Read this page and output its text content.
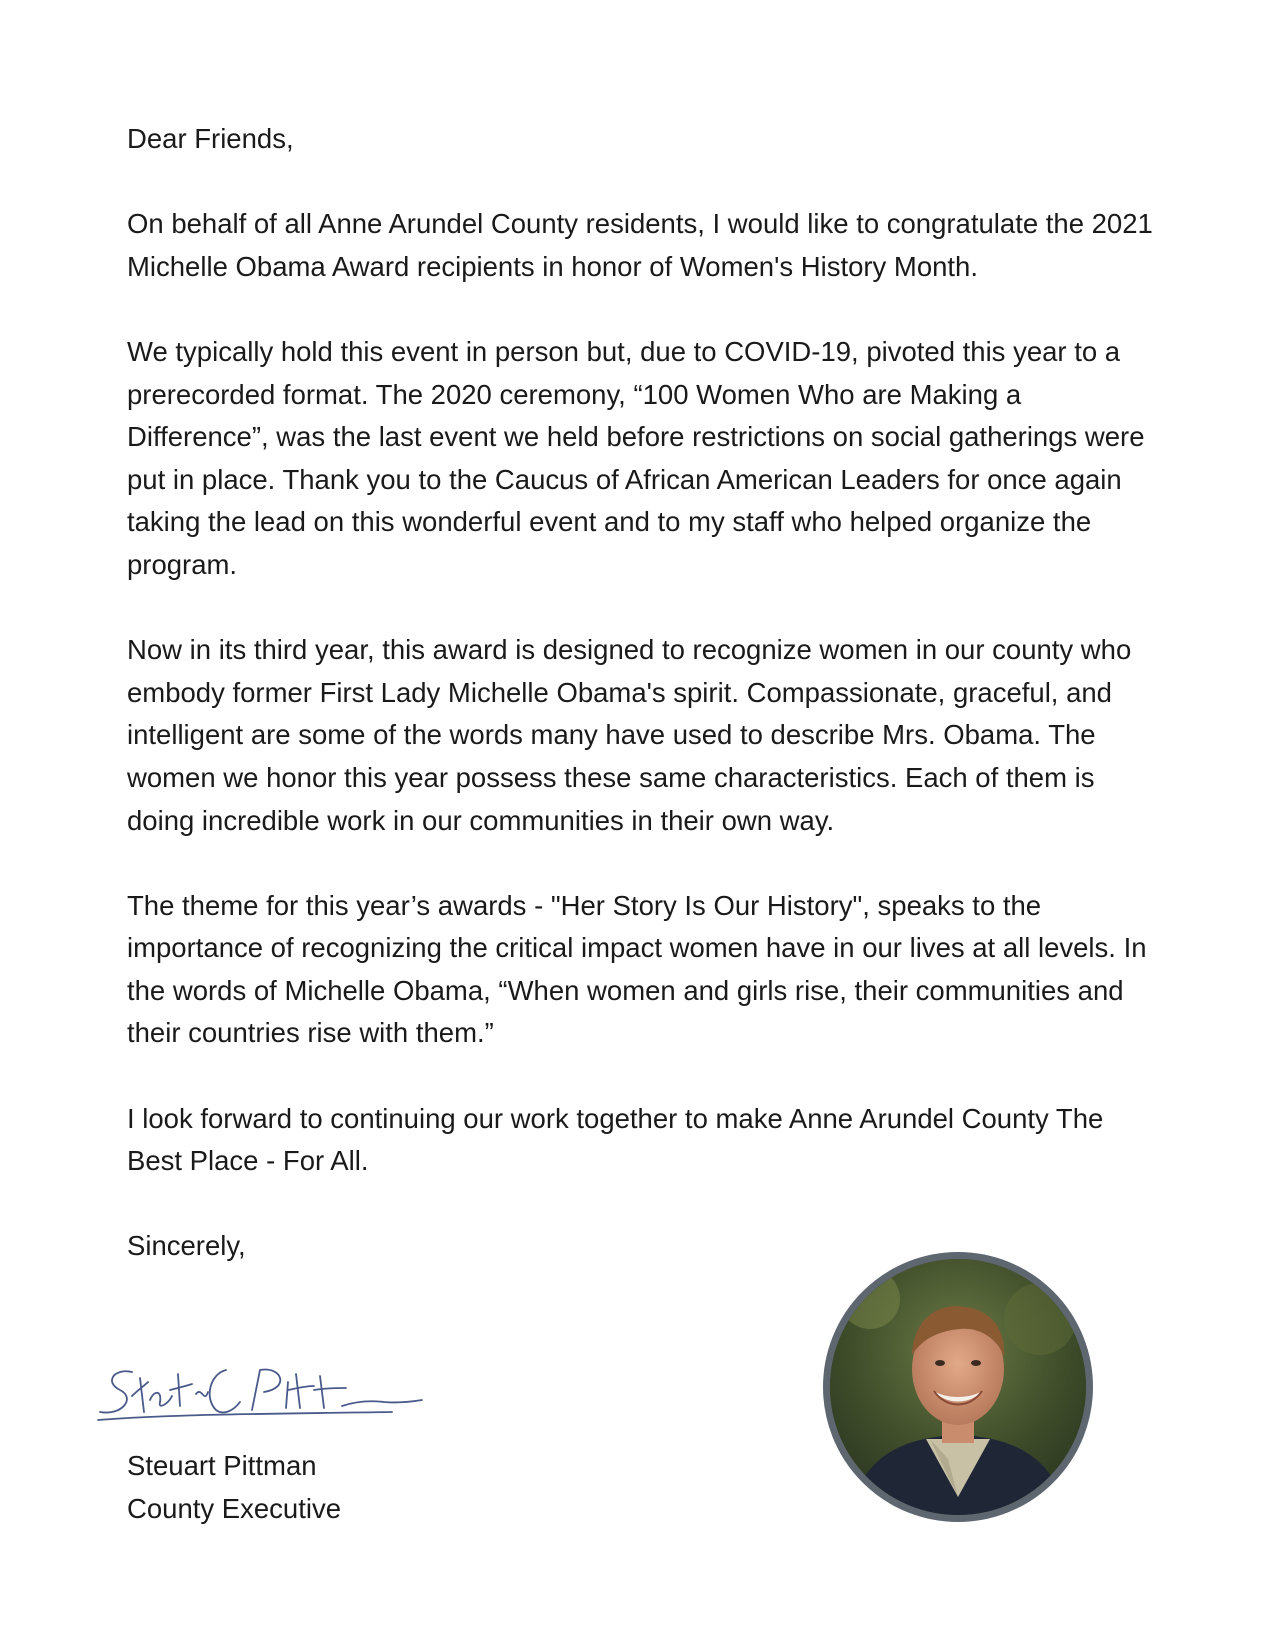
Dear Friends,

On behalf of all Anne Arundel County residents, I would like to congratulate the 2021 Michelle Obama Award recipients in honor of Women's History Month.

We typically hold this event in person but, due to COVID-19, pivoted this year to a prerecorded format. The 2020 ceremony, “100 Women Who are Making a Difference”, was the last event we held before restrictions on social gatherings were put in place. Thank you to the Caucus of African American Leaders for once again taking the lead on this wonderful event and to my staff who helped organize the program.

Now in its third year, this award is designed to recognize women in our county who embody former First Lady Michelle Obama's spirit. Compassionate, graceful, and intelligent are some of the words many have used to describe Mrs. Obama. The women we honor this year possess these same characteristics. Each of them is doing incredible work in our communities in their own way.

The theme for this year’s awards - "Her Story Is Our History", speaks to the importance of recognizing the critical impact women have in our lives at all levels. In the words of Michelle Obama, “When women and girls rise, their communities and their countries rise with them.”

I look forward to continuing our work together to make Anne Arundel County The Best Place - For All.

Sincerely,

Steuart Pittman
County Executive
